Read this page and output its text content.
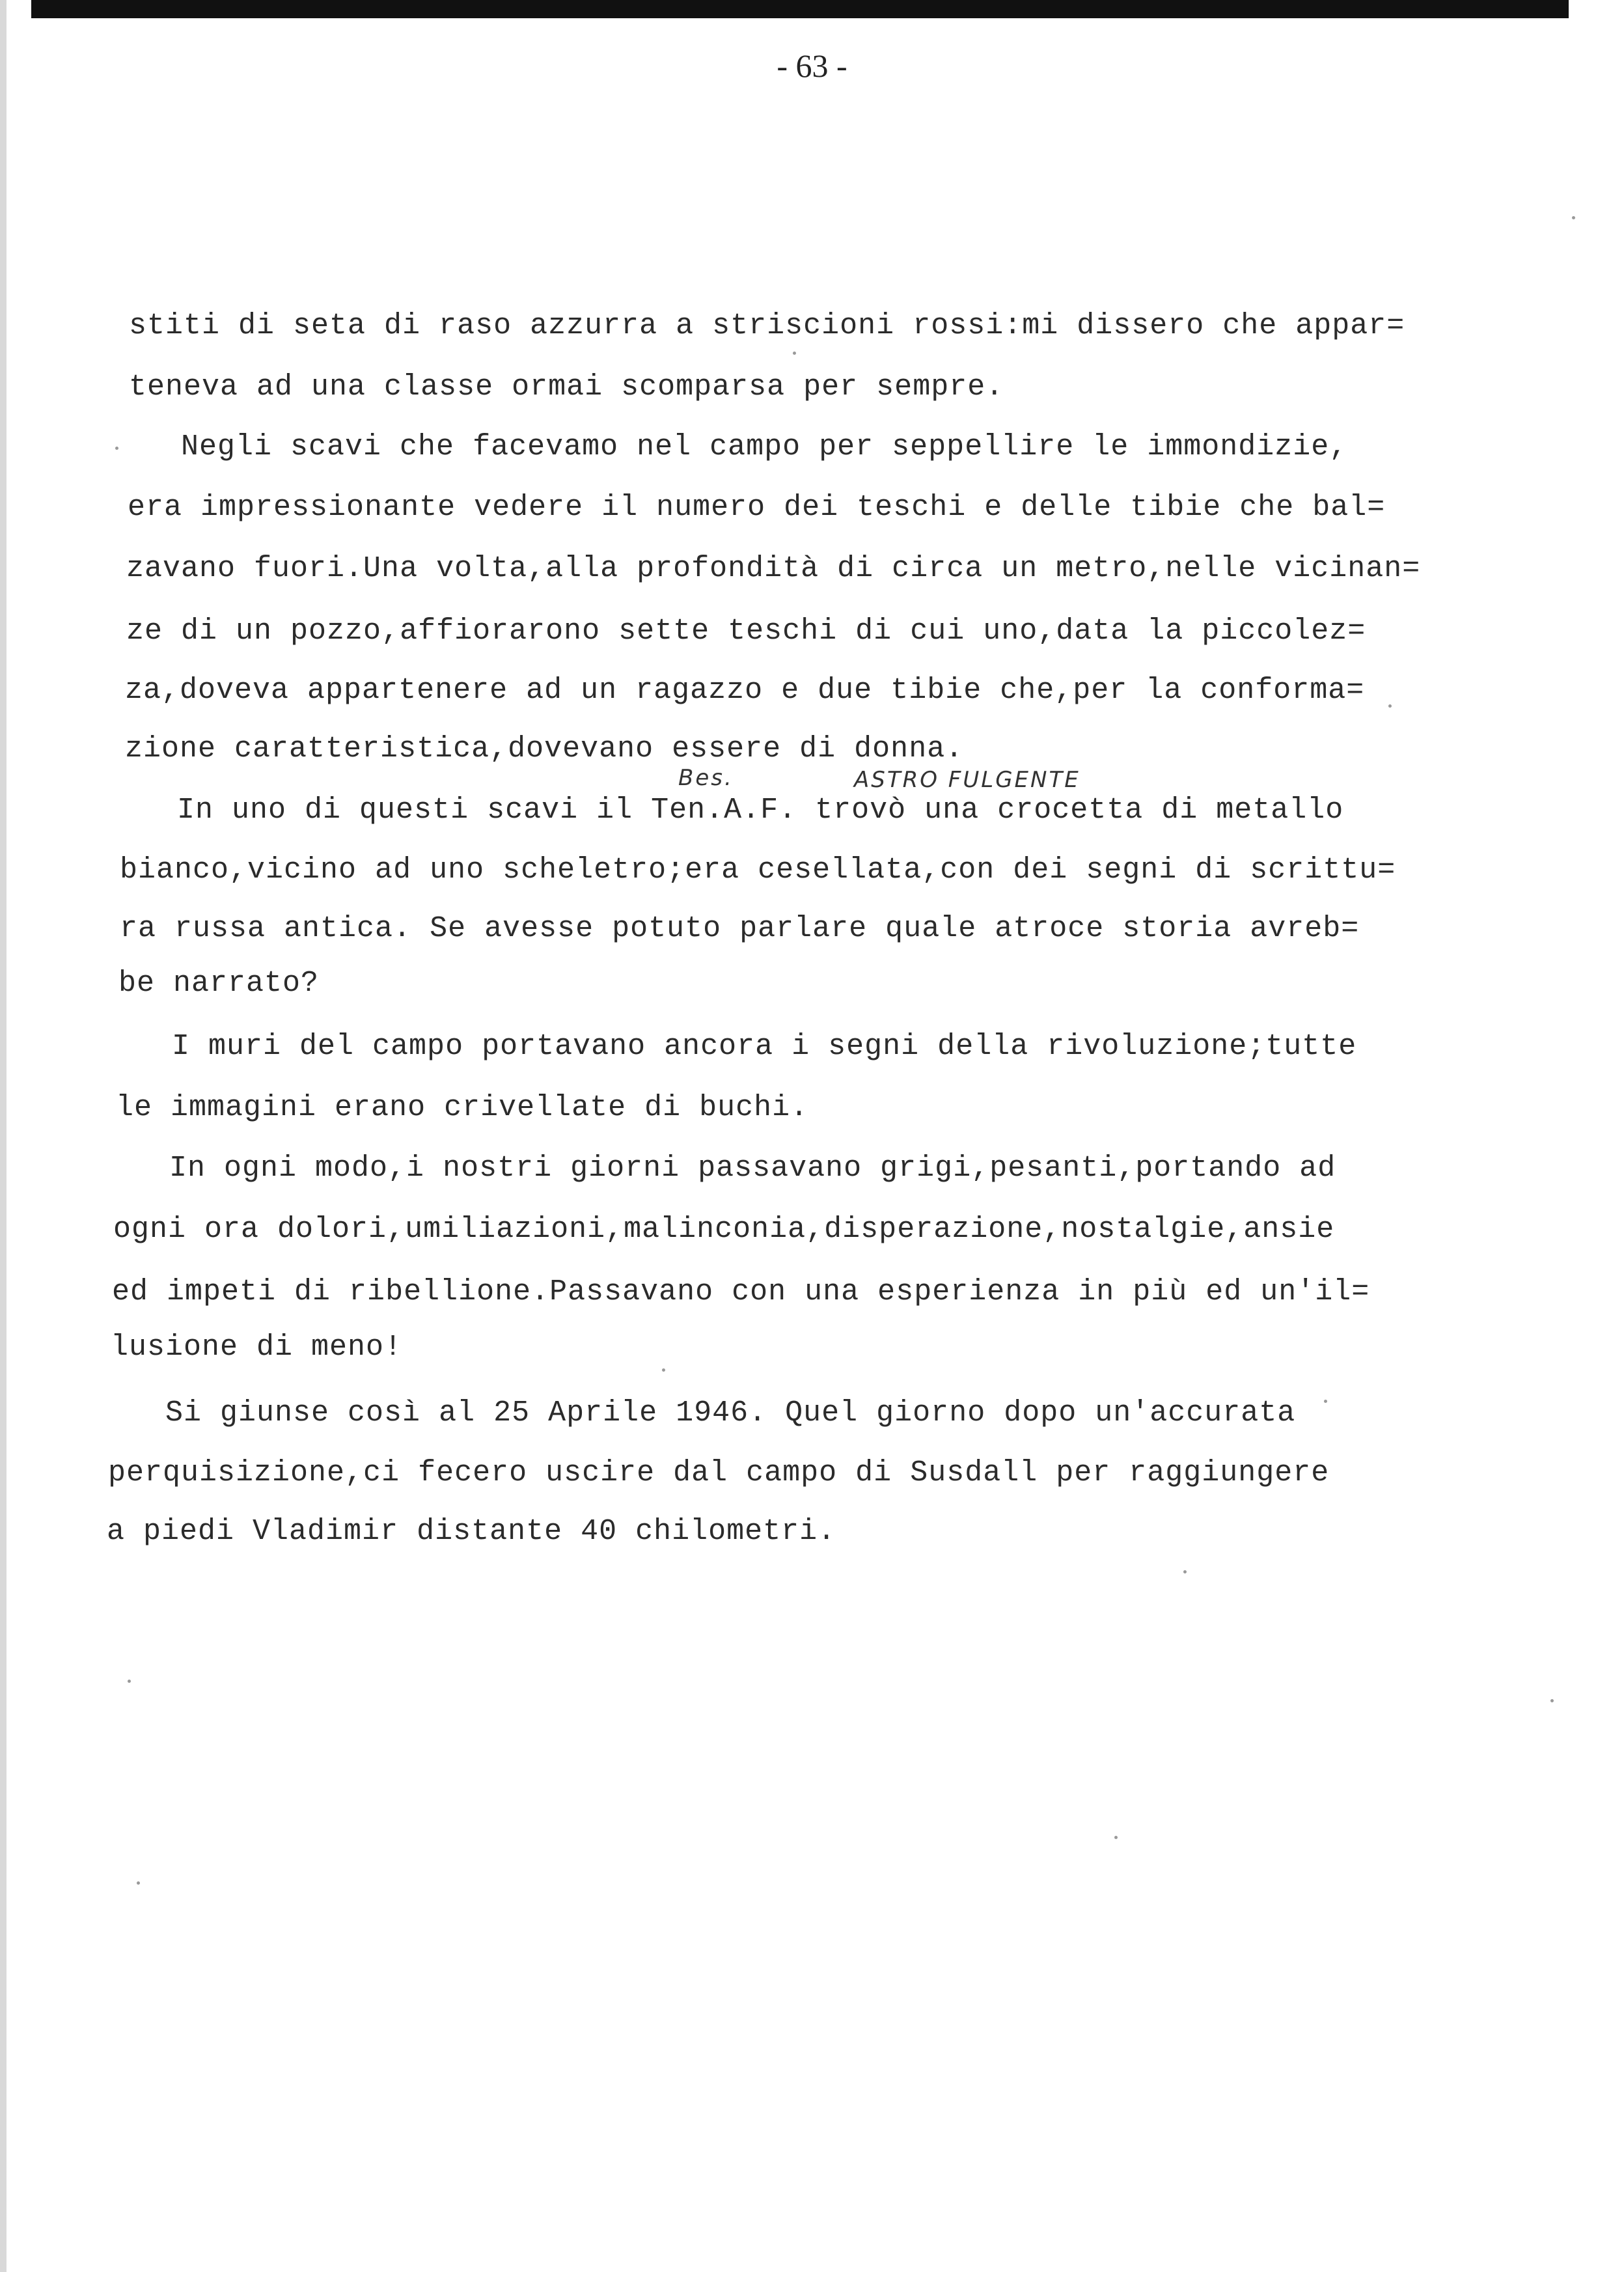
- 63 -
stiti di seta di raso azzurra a striscioni rossi:mi dissero che appar=
teneva ad una classe ormai scomparsa per sempre.
Negli scavi che facevamo nel campo per seppellire le immondizie,
era impressionante vedere il numero dei teschi e delle tibie che bal=
zavano fuori.Una volta,alla profondità di circa un metro,nelle vicinan=
ze di un pozzo,affiorarono sette teschi di cui uno,data la piccolez=
za,doveva appartenere ad un ragazzo e due tibie che,per la conforma=
zione caratteristica,dovevano essere di donna.
Bes.	ASTRO FULGENTE
In uno di questi scavi il Ten.A.F. trovò una crocetta di metallo
bianco,vicino ad uno scheletro;era cesellata,con dei segni di scrittu=
ra russa antica. Se avesse potuto parlare quale atroce storia avreb=
be narrato?
I muri del campo portavano ancora i segni della rivoluzione;tutte
le immagini erano crivellate di buchi.
In ogni modo,i nostri giorni passavano grigi,pesanti,portando ad
ogni ora dolori,umiliazioni,malinconia,disperazione,nostalgie,ansie
ed impeti di ribellione.Passavano con una esperienza in più ed un'il=
lusione di meno!
Si giunse così al 25 Aprile 1946. Quel giorno dopo un'accurata
perquisizione,ci fecero uscire dal campo di Susdall per raggiungere
a piedi Vladimir distante 40 chilometri.
